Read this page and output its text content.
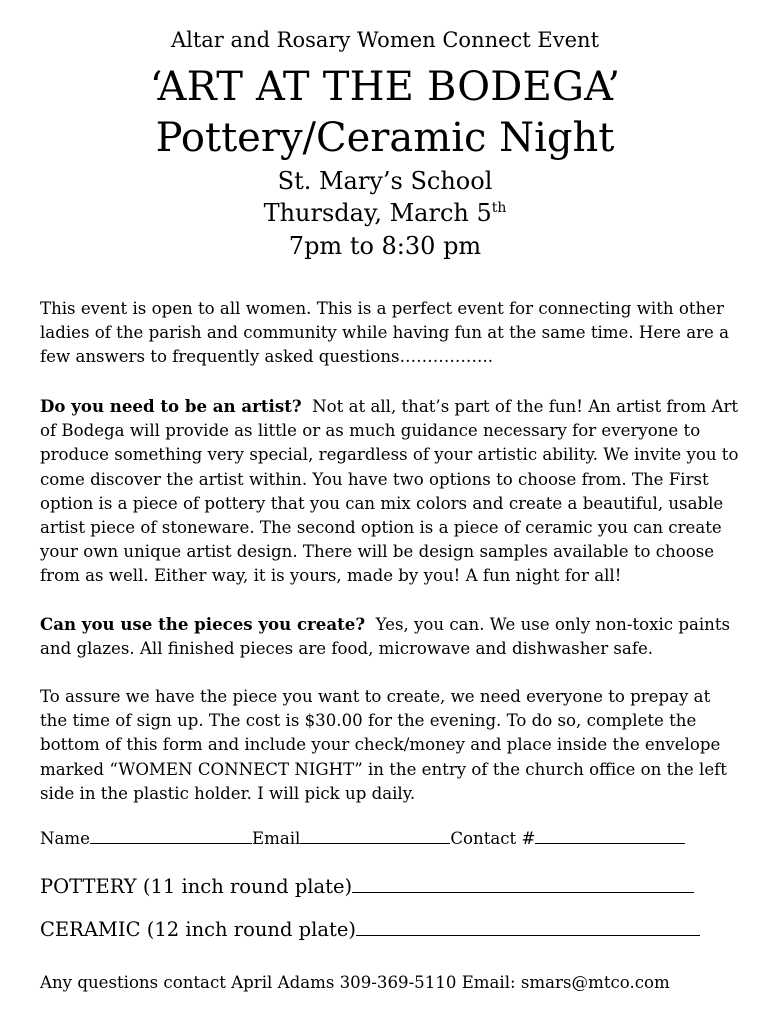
Altar and Rosary Women Connect Event
‘ART AT THE BODEGA’
Pottery/Ceramic Night
St. Mary’s School
Thursday, March 5th
7pm to 8:30 pm

This event is open to all women. This is a perfect event for connecting with other ladies of the parish and community while having fun at the same time. Here are a few answers to frequently asked questions……………..

Do you need to be an artist? Not at all, that’s part of the fun! An artist from Art of Bodega will provide as little or as much guidance necessary for everyone to produce something very special, regardless of your artistic ability. We invite you to come discover the artist within. You have two options to choose from. The First option is a piece of pottery that you can mix colors and create a beautiful, usable artist piece of stoneware. The second option is a piece of ceramic you can create your own unique artist design. There will be design samples available to choose from as well. Either way, it is yours, made by you! A fun night for all!

Can you use the pieces you create? Yes, you can. We use only non-toxic paints and glazes. All finished pieces are food, microwave and dishwasher safe.

To assure we have the piece you want to create, we need everyone to prepay at the time of sign up. The cost is $30.00 for the evening. To do so, complete the bottom of this form and include your check/money and place inside the envelope marked “WOMEN CONNECT NIGHT” in the entry of the church office on the left side in the plastic holder. I will pick up daily.

Name	Email	Contact #
POTTERY (11 inch round plate)
CERAMIC (12 inch round plate)
Any questions contact April Adams 309-369-5110 Email: smars@mtco.com
